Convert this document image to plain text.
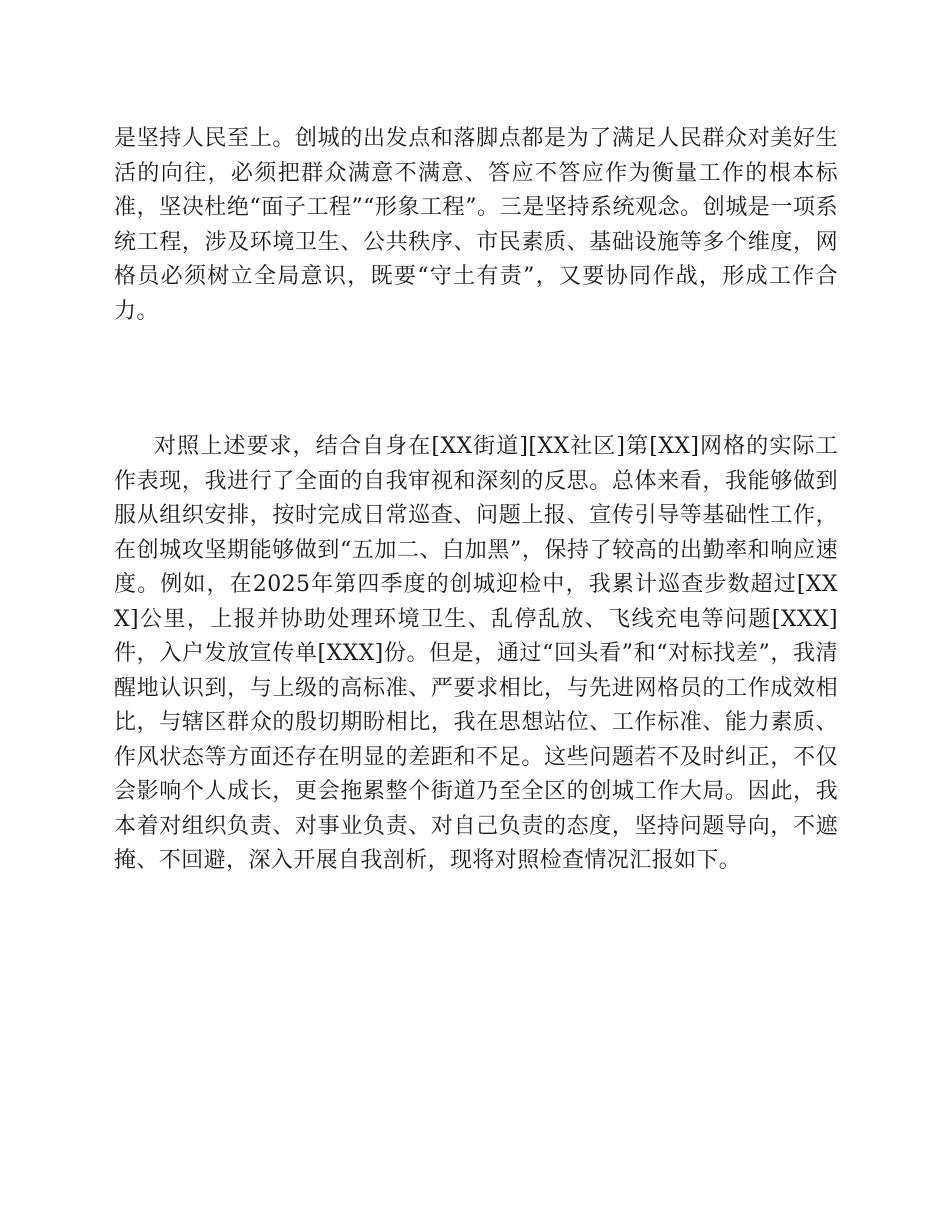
是坚持人民至上。创城的出发点和落脚点都是为了满足人民群众对美好生活的向往，必须把群众满意不满意、答应不答应作为衡量工作的根本标准，坚决杜绝“面子工程”“形象工程”。三是坚持系统观念。创城是一项系统工程，涉及环境卫生、公共秩序、市民素质、基础设施等多个维度，网格员必须树立全局意识，既要“守土有责”，又要协同作战，形成工作合力。

对照上述要求，结合自身在[XX街道][XX社区]第[XX]网格的实际工作表现，我进行了全面的自我审视和深刻的反思。总体来看，我能够做到服从组织安排，按时完成日常巡查、问题上报、宣传引导等基础性工作，在创城攻坚期能够做到“五加二、白加黑”，保持了较高的出勤率和响应速度。例如，在2025年第四季度的创城迎检中，我累计巡查步数超过[XXX]公里，上报并协助处理环境卫生、乱停乱放、飞线充电等问题[XXX]件，入户发放宣传单[XXX]份。但是，通过“回头看”和“对标找差”，我清醒地认识到，与上级的高标准、严要求相比，与先进网格员的工作成效相比，与辖区群众的殷切期盼相比，我在思想站位、工作标准、能力素质、作风状态等方面还存在明显的差距和不足。这些问题若不及时纠正，不仅会影响个人成长，更会拖累整个街道乃至全区的创城工作大局。因此，我本着对组织负责、对事业负责、对自己负责的态度，坚持问题导向，不遮掩、不回避，深入开展自我剖析，现将对照检查情况汇报如下。
